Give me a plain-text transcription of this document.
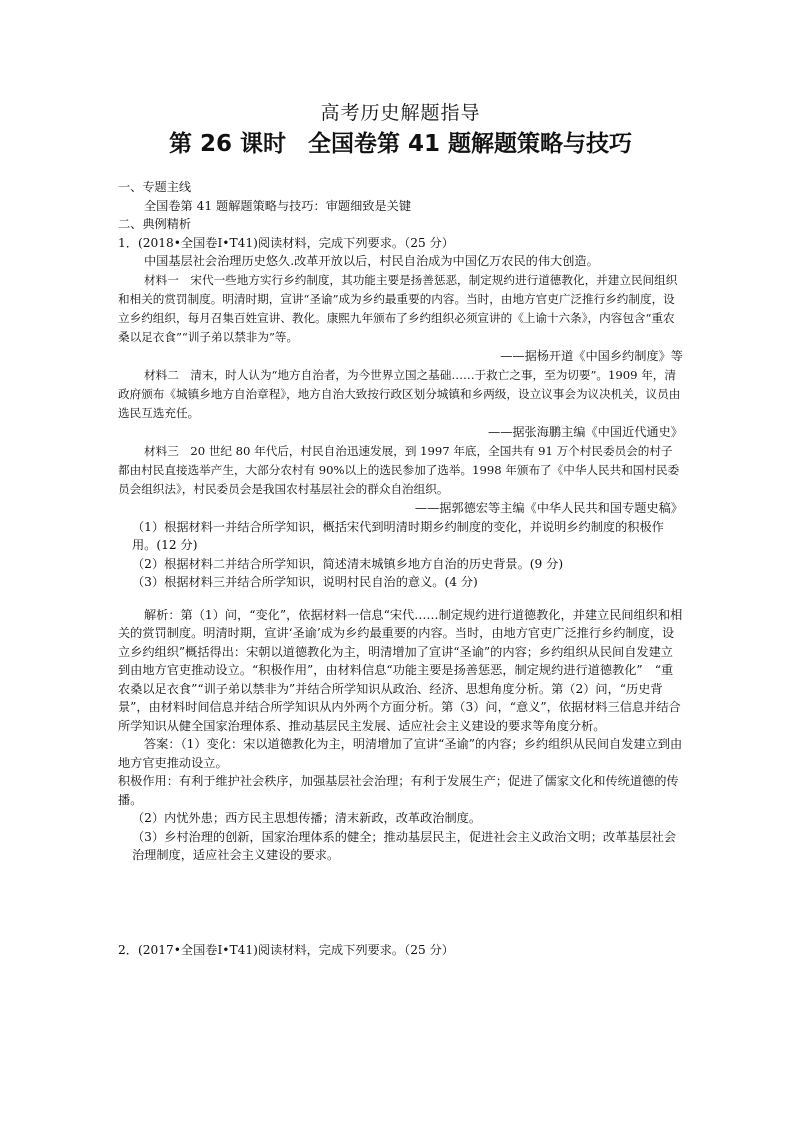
高考历史解题指导

第 26 课时 全国卷第 41 题解题策略与技巧

一、专题主线

全国卷第 41 题解题策略与技巧：审题细致是关键

二、典例精析

1．(2018•全国卷Ⅰ•T41)阅读材料，完成下列要求。（25 分）

中国基层社会治理历史悠久.改革开放以后，村民自治成为中国亿万农民的伟大创造。

材料一　宋代一些地方实行乡约制度，其功能主要是扬善惩恶，制定规约进行道德教化，并建立民间组织和相关的赏罚制度。明清时期，宣讲“圣谕”成为乡约最重要的内容。当时，由地方官吏广泛推行乡约制度，设立乡约组织，每月召集百姓宣讲、教化。康熙九年颁布了乡约组织必须宣讲的《上谕十六条》，内容包含“重农桑以足衣食”“训子弟以禁非为”等。

——据杨开道《中国乡约制度》等

材料二　清末，时人认为“地方自治者，为今世界立国之基础……于救亡之事，至为切要”。1909 年，清政府颁布《城镇乡地方自治章程》，地方自治大致按行政区划分城镇和乡两级，设立议事会为议决机关，议员由选民互选充任。

——据张海鹏主编《中国近代通史》

材料三　20 世纪 80 年代后，村民自治迅速发展，到 1997 年底，全国共有 91 万个村民委员会的村子都由村民直接选举产生，大部分农村有 90%以上的选民参加了选举。1998 年颁布了《中华人民共和国村民委员会组织法》，村民委员会是我国农村基层社会的群众自治组织。

——据郭德宏等主编《中华人民共和国专题史稿》

（1）根据材料一并结合所学知识，概括宋代到明清时期乡约制度的变化，并说明乡约制度的积极作用。(12 分)

（2）根据材料二并结合所学知识，简述清末城镇乡地方自治的历史背景。(9 分)

（3）根据材料三并结合所学知识，说明村民自治的意义。(4 分)

解析：第（1）问，“变化”，依据材料一信息“宋代……制定规约进行道德教化，并建立民间组织和相关的赏罚制度。明清时期，宣讲‘圣谕’成为乡约最重要的内容。当时，由地方官吏广泛推行乡约制度，设立乡约组织”概括得出：宋朝以道德教化为主，明清增加了宣讲“圣谕”的内容；乡约组织从民间自发建立到由地方官吏推动设立。“积极作用”，由材料信息“功能主要是扬善惩恶，制定规约进行道德教化”　“重农桑以足衣食”“训子弟以禁非为”并结合所学知识从政治、经济、思想角度分析。第（2）问，“历史背景”，由材料时间信息并结合所学知识从内外两个方面分析。第（3）问，“意义”，依据材料三信息并结合所学知识从健全国家治理体系、推动基层民主发展、适应社会主义建设的要求等角度分析。

答案：（1）变化：宋以道德教化为主，明清增加了宣讲“圣谕”的内容；乡约组织从民间自发建立到由地方官吏推动设立。

积极作用：有利于维护社会秩序，加强基层社会治理；有利于发展生产；促进了儒家文化和传统道德的传播。

（2）内忧外患；西方民主思想传播；清末新政，改革政治制度。

（3）乡村治理的创新，国家治理体系的健全；推动基层民主，促进社会主义政治文明；改革基层社会治理制度，适应社会主义建设的要求。

2．(2017•全国卷Ⅰ•T41)阅读材料，完成下列要求。（25 分）
